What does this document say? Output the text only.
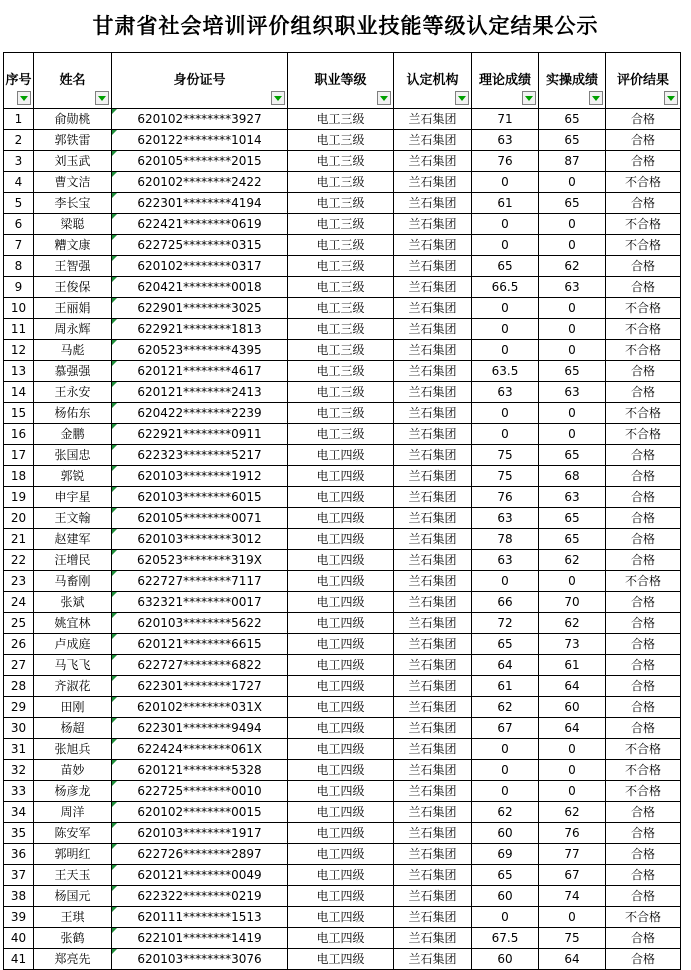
甘肃省社会培训评价组织职业技能等级认定结果公示
序号	姓名	身份证号	职业等级	认定机构	理论成绩	实操成绩	评价结果

1	俞勋桃	620102********3927	电工三级	兰石集团	71	65	合格
2	郭铁雷	620122********1014	电工三级	兰石集团	63	65	合格
3	刘玉武	620105********2015	电工三级	兰石集团	76	87	合格
4	曹文洁	620102********2422	电工三级	兰石集团	0	0	不合格
5	李长宝	622301********4194	电工三级	兰石集团	61	65	合格
6	梁聪	622421********0619	电工三级	兰石集团	0	0	不合格
7	糟文康	622725********0315	电工三级	兰石集团	0	0	不合格
8	王智强	620102********0317	电工三级	兰石集团	65	62	合格
9	王俊保	620421********0018	电工三级	兰石集团	66.5	63	合格
10	王丽娟	622901********3025	电工三级	兰石集团	0	0	不合格
11	周永辉	622921********1813	电工三级	兰石集团	0	0	不合格
12	马彪	620523********4395	电工三级	兰石集团	0	0	不合格
13	慕强强	620121********4617	电工三级	兰石集团	63.5	65	合格
14	王永安	620121********2413	电工三级	兰石集团	63	63	合格
15	杨佑东	620422********2239	电工三级	兰石集团	0	0	不合格
16	金鹏	622921********0911	电工三级	兰石集团	0	0	不合格
17	张国忠	622323********5217	电工四级	兰石集团	75	65	合格
18	郭锐	620103********1912	电工四级	兰石集团	75	68	合格
19	申宇星	620103********6015	电工四级	兰石集团	76	63	合格
20	王文翰	620105********0071	电工四级	兰石集团	63	65	合格
21	赵建军	620103********3012	电工四级	兰石集团	78	65	合格
22	汪增民	620523********319X	电工四级	兰石集团	63	62	合格
23	马畜刚	622727********7117	电工四级	兰石集团	0	0	不合格
24	张斌	632321********0017	电工四级	兰石集团	66	70	合格
25	姚宜林	620103********5622	电工四级	兰石集团	72	62	合格
26	卢成庭	620121********6615	电工四级	兰石集团	65	73	合格
27	马飞飞	622727********6822	电工四级	兰石集团	64	61	合格
28	齐淑花	622301********1727	电工四级	兰石集团	61	64	合格
29	田刚	620102********031X	电工四级	兰石集团	62	60	合格
30	杨超	622301********9494	电工四级	兰石集团	67	64	合格
31	张旭兵	622424********061X	电工四级	兰石集团	0	0	不合格
32	苗妙	620121********5328	电工四级	兰石集团	0	0	不合格
33	杨彦龙	622725********0010	电工四级	兰石集团	0	0	不合格
34	周洋	620102********0015	电工四级	兰石集团	62	62	合格
35	陈安军	620103********1917	电工四级	兰石集团	60	76	合格
36	郭明红	622726********2897	电工四级	兰石集团	69	77	合格
37	王天玉	620121********0049	电工四级	兰石集团	65	67	合格
38	杨国元	622322********0219	电工四级	兰石集团	60	74	合格
39	王琪	620111********1513	电工四级	兰石集团	0	0	不合格
40	张鹤	622101********1419	电工四级	兰石集团	67.5	75	合格
41	郑亮先	620103********3076	电工四级	兰石集团	60	64	合格
